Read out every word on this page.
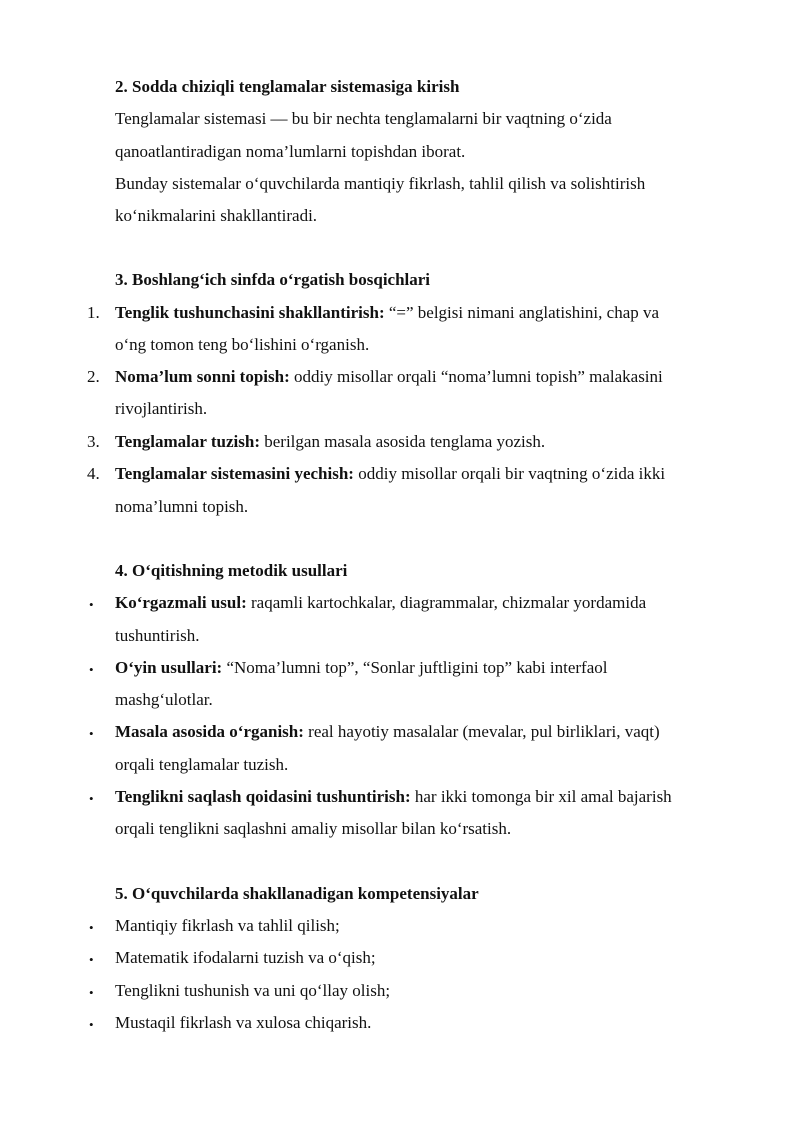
2. Sodda chiziqli tenglamalar sistemasiga kirish
Tenglamalar sistemasi — bu bir nechta tenglamalarni bir vaqtning o‘zida
qanoatlantiradigan noma’lumlarni topishdan iborat.
Bunday sistemalar o‘quvchilarda mantiqiy fikrlash, tahlil qilish va solishtirish
ko‘nikmalarini shakllantiradi.
3. Boshlang‘ich sinfda o‘rgatish bosqichlari
1. Tenglik tushunchasini shakllantirish: “=” belgisi nimani anglatishini, chap va
o‘ng tomon teng bo‘lishini o‘rganish.
2. Noma’lum sonni topish: oddiy misollar orqali “noma’lumni topish” malakasini
rivojlantirish.
3. Tenglamalar tuzish: berilgan masala asosida tenglama yozish.
4. Tenglamalar sistemasini yechish: oddiy misollar orqali bir vaqtning o‘zida ikki
noma’lumni topish.
4. O‘qitishning metodik usullari
• Ko‘rgazmali usul: raqamli kartochkalar, diagrammalar, chizmalar yordamida
tushuntirish.
• O‘yin usullari: “Noma’lumni top”, “Sonlar juftligini top” kabi interfaol
mashg‘ulotlar.
• Masala asosida o‘rganish: real hayotiy masalalar (mevalar, pul birliklari, vaqt)
orqali tenglamalar tuzish.
• Tenglikni saqlash qoidasini tushuntirish: har ikki tomonga bir xil amal bajarish
orqali tenglikni saqlashni amaliy misollar bilan ko‘rsatish.
5. O‘quvchilarda shakllanadigan kompetensiyalar
• Mantiqiy fikrlash va tahlil qilish;
• Matematik ifodalarni tuzish va o‘qish;
• Tenglikni tushunish va uni qo‘llay olish;
• Mustaqil fikrlash va xulosa chiqarish.
